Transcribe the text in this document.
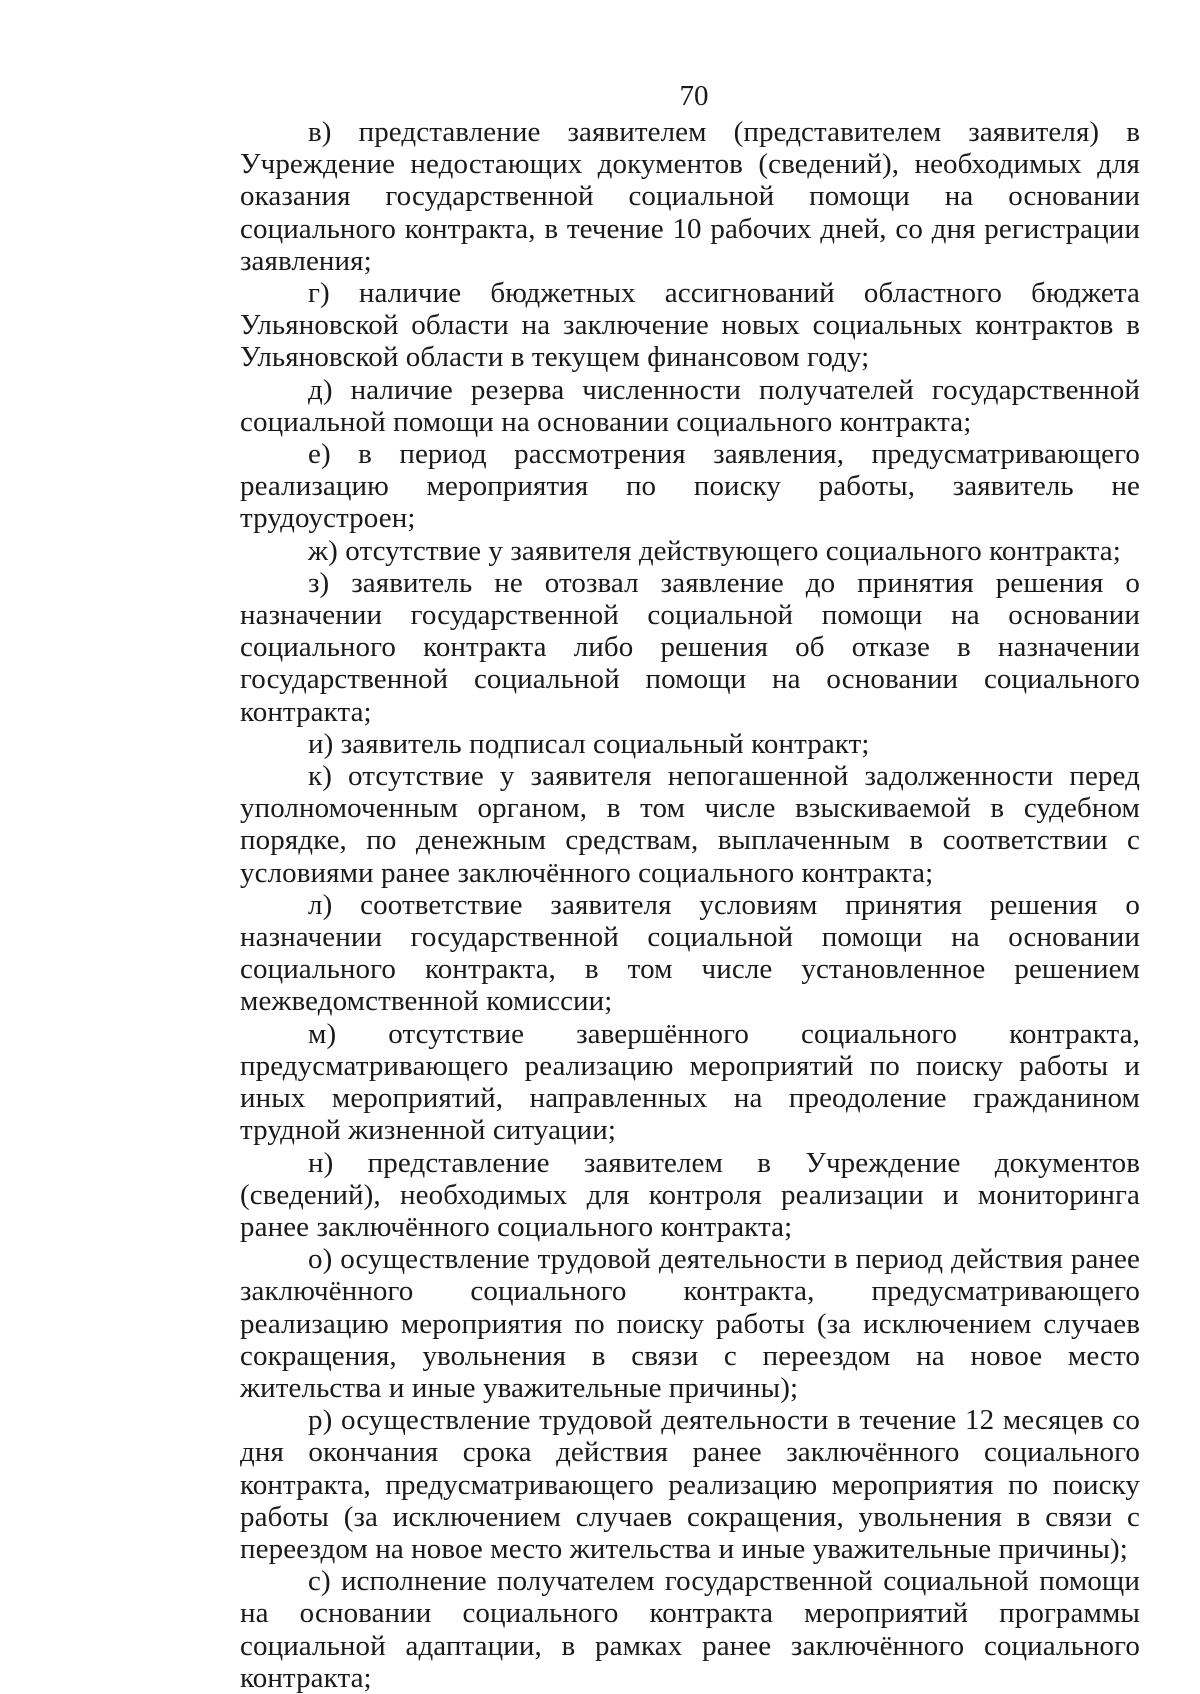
70

в) представление заявителем (представителем заявителя) в Учреждение недостающих документов (сведений), необходимых для оказания государственной социальной помощи на основании социального контракта, в течение 10 рабочих дней, со дня регистрации заявления;

г) наличие бюджетных ассигнований областного бюджета Ульяновской области на заключение новых социальных контрактов в Ульяновской области в текущем финансовом году;

д) наличие резерва численности получателей государственной социальной помощи на основании социального контракта;

е) в период рассмотрения заявления, предусматривающего реализацию мероприятия по поиску работы, заявитель не трудоустроен;

ж) отсутствие у заявителя действующего социального контракта;

з) заявитель не отозвал заявление до принятия решения о назначении государственной социальной помощи на основании социального контракта либо решения об отказе в назначении государственной социальной помощи на основании социального контракта;

и) заявитель подписал социальный контракт;

к) отсутствие у заявителя непогашенной задолженности перед уполномоченным органом, в том числе взыскиваемой в судебном порядке, по денежным средствам, выплаченным в соответствии с условиями ранее заключённого социального контракта;

л) соответствие заявителя условиям принятия решения о назначении государственной социальной помощи на основании социального контракта, в том числе установленное решением межведомственной комиссии;

м) отсутствие завершённого социального контракта, предусматривающего реализацию мероприятий по поиску работы и иных мероприятий, направленных на преодоление гражданином трудной жизненной ситуации;

н) представление заявителем в Учреждение документов (сведений), необходимых для контроля реализации и мониторинга ранее заключённого социального контракта;

о) осуществление трудовой деятельности в период действия ранее заключённого социального контракта, предусматривающего реализацию мероприятия по поиску работы (за исключением случаев сокращения, увольнения в связи с переездом на новое место жительства и иные уважительные причины);

р) осуществление трудовой деятельности в течение 12 месяцев со дня окончания срока действия ранее заключённого социального контракта, предусматривающего реализацию мероприятия по поиску работы (за исключением случаев сокращения, увольнения в связи с переездом на новое место жительства и иные уважительные причины);

с) исполнение получателем государственной социальной помощи на основании социального контракта мероприятий программы социальной адаптации, в рамках ранее заключённого социального контракта;
